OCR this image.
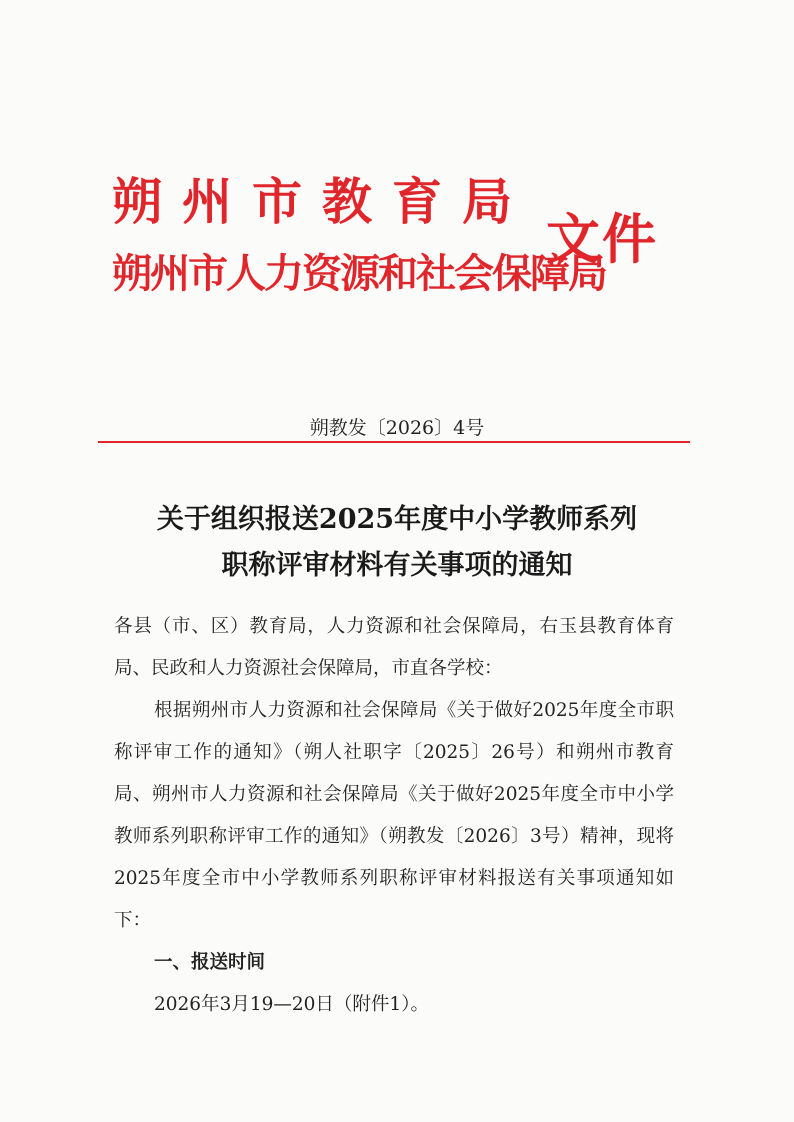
朔州市教育局
朔州市人力资源和社会保障局
文件
朔教发〔2026〕4号
关于组织报送2025年度中小学教师系列
职称评审材料有关事项的通知

各县（市、区）教育局，人力资源和社会保障局，右玉县教育体育局、民政和人力资源社会保障局，市直各学校：

根据朔州市人力资源和社会保障局《关于做好2025年度全市职称评审工作的通知》（朔人社职字〔2025〕26号）和朔州市教育局、朔州市人力资源和社会保障局《关于做好2025年度全市中小学教师系列职称评审工作的通知》（朔教发〔2026〕3号）精神，现将2025年度全市中小学教师系列职称评审材料报送有关事项通知如下：

一、报送时间

2026年3月19—20日（附件1）。
